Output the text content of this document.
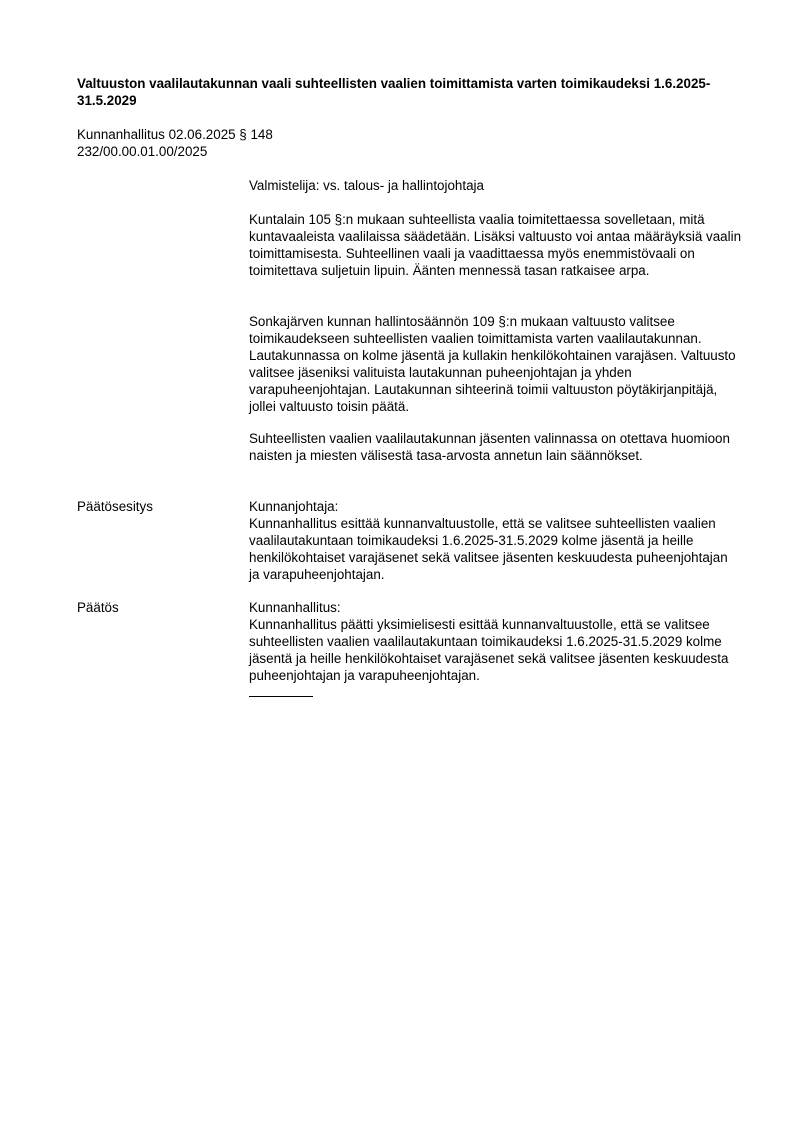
Valtuuston vaalilautakunnan vaali suhteellisten vaalien toimittamista varten toimikaudeksi 1.6.2025-31.5.2029
Kunnanhallitus 02.06.2025 § 148
232/00.00.01.00/2025

Valmistelija: vs. talous- ja hallintojohtaja

Kuntalain 105 §:n mukaan suhteellista vaalia toimitettaessa sovelletaan, mitä kuntavaaleista vaalilaissa säädetään. Lisäksi valtuusto voi antaa määräyksiä vaalin toimittamisesta. Suhteellinen vaali ja vaadittaessa myös enemmistövaali on toimitettava suljetuin lipuin. Äänten mennessä tasan ratkaisee arpa.

Sonkajärven kunnan hallintosäännön 109 §:n mukaan valtuusto valitsee toimikaudekseen suhteellisten vaalien toimittamista varten vaalilautakunnan. Lautakunnassa on kolme jäsentä ja kullakin henkilökohtainen varajäsen. Valtuusto valitsee jäseniksi valituista lautakunnan puheenjohtajan ja yhden varapuheenjohtajan. Lautakunnan sihteerinä toimii valtuuston pöytäkirjanpitäjä, jollei valtuusto toisin päätä.

Suhteellisten vaalien vaalilautakunnan jäsenten valinnassa on otettava huomioon naisten ja miesten välisestä tasa-arvosta annetun lain säännökset.

Päätösesitys	Kunnanjohtaja:

Kunnanhallitus esittää kunnanvaltuustolle, että se valitsee suhteellisten vaalien vaalilautakuntaan toimikaudeksi 1.6.2025-31.5.2029 kolme jäsentä ja heille henkilökohtaiset varajäsenet sekä valitsee jäsenten keskuudesta puheenjohtajan ja varapuheenjohtajan.

Päätös	Kunnanhallitus:

Kunnanhallitus päätti yksimielisesti esittää kunnanvaltuustolle, että se valitsee suhteellisten vaalien vaalilautakuntaan toimikaudeksi 1.6.2025-31.5.2029 kolme jäsentä ja heille henkilökohtaiset varajäsenet sekä valitsee jäsenten keskuudesta puheenjohtajan ja varapuheenjohtajan.
